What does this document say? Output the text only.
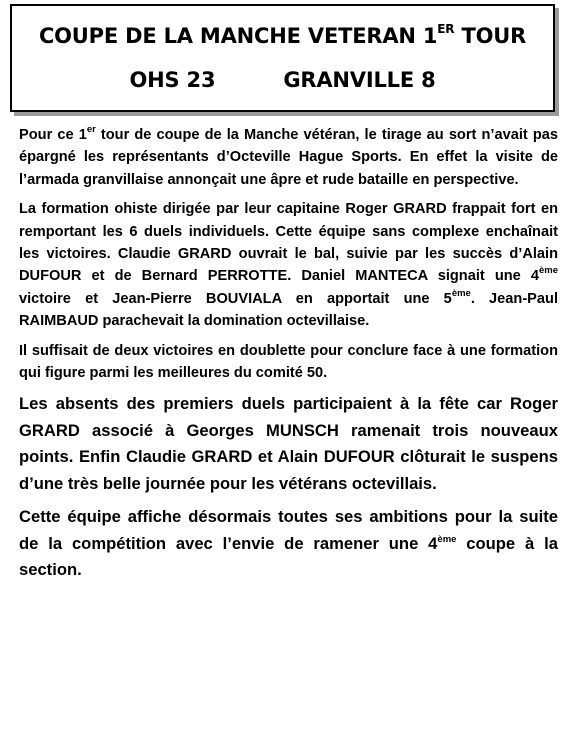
COUPE DE LA MANCHE VETERAN 1ER TOUR
OHS 23	GRANVILLE 8

Pour ce 1er tour de coupe de la Manche vétéran, le tirage au sort n’avait pas épargné les représentants d’Octeville Hague Sports. En effet la visite de l’armada granvillaise annonçait une âpre et rude bataille en perspective.

La formation ohiste dirigée par leur capitaine Roger GRARD frappait fort en remportant les 6 duels individuels. Cette équipe sans complexe enchaînait les victoires. Claudie GRARD ouvrait le bal, suivie par les succès d’Alain DUFOUR et de Bernard PERROTTE. Daniel MANTECA signait une 4ème victoire et Jean-Pierre BOUVIALA en apportait une 5ème. Jean-Paul RAIMBAUD parachevait la domination octevillaise.

Il suffisait de deux victoires en doublette pour conclure face à une formation qui figure parmi les meilleures du comité 50.

Les absents des premiers duels participaient à la fête car Roger GRARD associé à Georges MUNSCH ramenait trois nouveaux points. Enfin Claudie GRARD et Alain DUFOUR clôturait le suspens d’une très belle journée pour les vétérans octevillais.

Cette équipe affiche désormais toutes ses ambitions pour la suite de la compétition avec l’envie de ramener une 4ème coupe à la section.
